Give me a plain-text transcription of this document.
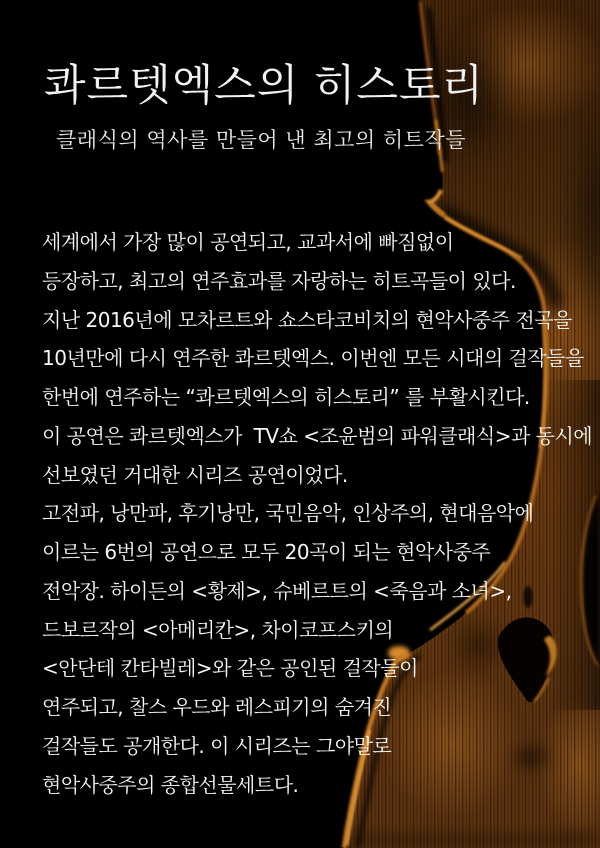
콰르텟엑스의 히스토리
클래식의 역사를 만들어 낸 최고의 히트작들
세계에서 가장 많이 공연되고, 교과서에 빠짐없이
등장하고, 최고의 연주효과를 자랑하는 히트곡들이 있다.
지난 2016년에 모차르트와 쇼스타코비치의 현악사중주 전곡을
10년만에 다시 연주한 콰르텟엑스. 이번엔 모든 시대의 걸작들을
한번에 연주하는 “콰르텟엑스의 히스토리” 를 부활시킨다.
이 공연은 콰르텟엑스가  TV쇼 <조윤범의 파워클래식>과 동시에
선보였던 거대한 시리즈 공연이었다.
고전파, 낭만파, 후기낭만, 국민음악, 인상주의, 현대음악에
이르는 6번의 공연으로 모두 20곡이 되는 현악사중주
전악장. 하이든의 <황제>, 슈베르트의 <죽음과 소녀>,
드보르작의 <아메리칸>, 차이코프스키의
<안단테 칸타빌레>와 같은 공인된 걸작들이
연주되고, 찰스 우드와 레스피기의 숨겨진
걸작들도 공개한다. 이 시리즈는 그야말로
현악사중주의 종합선물세트다.
